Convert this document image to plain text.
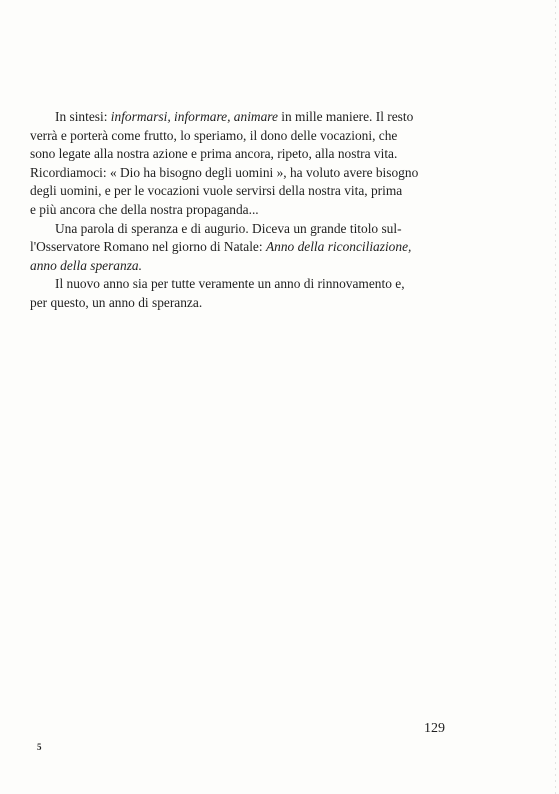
In sintesi: informarsi, informare, animare in mille maniere. Il resto
verrà e porterà come frutto, lo speriamo, il dono delle vocazioni, che
sono legate alla nostra azione e prima ancora, ripeto, alla nostra vita.
Ricordiamoci: « Dio ha bisogno degli uomini », ha voluto avere bisogno
degli uomini, e per le vocazioni vuole servirsi della nostra vita, prima
e più ancora che della nostra propaganda...

Una parola di speranza e di augurio. Diceva un grande titolo sul-
l'Osservatore Romano nel giorno di Natale: Anno della riconciliazione,
anno della speranza.

Il nuovo anno sia per tutte veramente un anno di rinnovamento e,
per questo, un anno di speranza.

129
5
